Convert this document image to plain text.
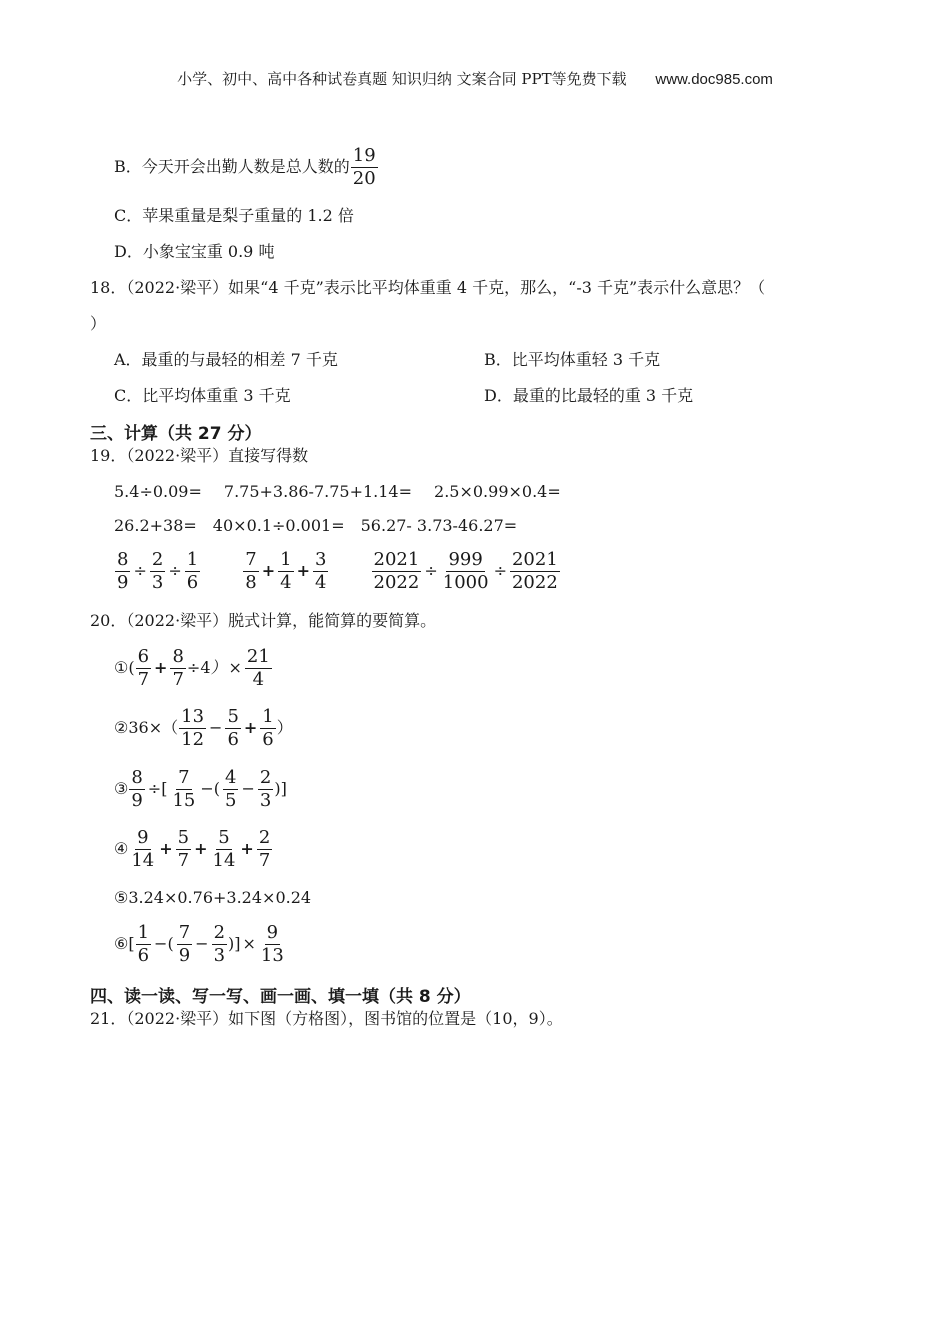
小学、初中、高中各种试卷真题 知识归纳 文案合同 PPT等免费下载 www.doc985.com
B．今天开会出勤人数是总人数的 $\frac{19}{20}$
C．苹果重量是梨子重量的 1.2 倍
D．小象宝宝重 0.9 吨
18．（2022·梁平）如果“4 千克”表示比平均体重重 4 千克，那么，“-3 千克”表示什么意思？（
）
A．最重的与最轻的相差 7 千克	B．比平均体重轻 3 千克
C．比平均体重重 3 千克	D．最重的比最轻的重 3 千克
三、计算（共 27 分）
19．（2022·梁平）直接写得数
5.4÷0.09= 7.75+3.86-7.75+1.14= 2.5×0.99×0.4=
26.2+38= 40×0.1÷0.001= 56.27- 3.73-46.27=
$\frac{8}{9} \div \frac{2}{3} \div \frac{1}{6}$
$\frac{7}{8} + \frac{1}{4} + \frac{3}{4}$
$\frac{2021}{2022} \div \frac{999}{1000} \div \frac{2021}{2022}$
20．（2022·梁平）脱式计算，能简算的要简算。
①( $\frac{6}{7} + \frac{8}{7} \div 4) \times \frac{21}{4}$
②36×（ $\frac{13}{12} - \frac{5}{6} + \frac{1}{6}$ ）
③ $\frac{8}{9}$ ÷[ $\frac{7}{15}$ −( $\frac{4}{5} - \frac{2}{3}$ )]
④ $\frac{9}{14} + \frac{5}{7} + \frac{5}{14} + \frac{2}{7}$
⑤3.24×0.76+3.24×0.24
⑥[ $\frac{1}{6}$ −( $\frac{7}{9} - \frac{2}{3}$ )] × $\frac{9}{13}$
四、读一读、写一写、画一画、填一填（共 8 分）
21．（2022·梁平）如下图（方格图），图书馆的位置是（10，9）。
